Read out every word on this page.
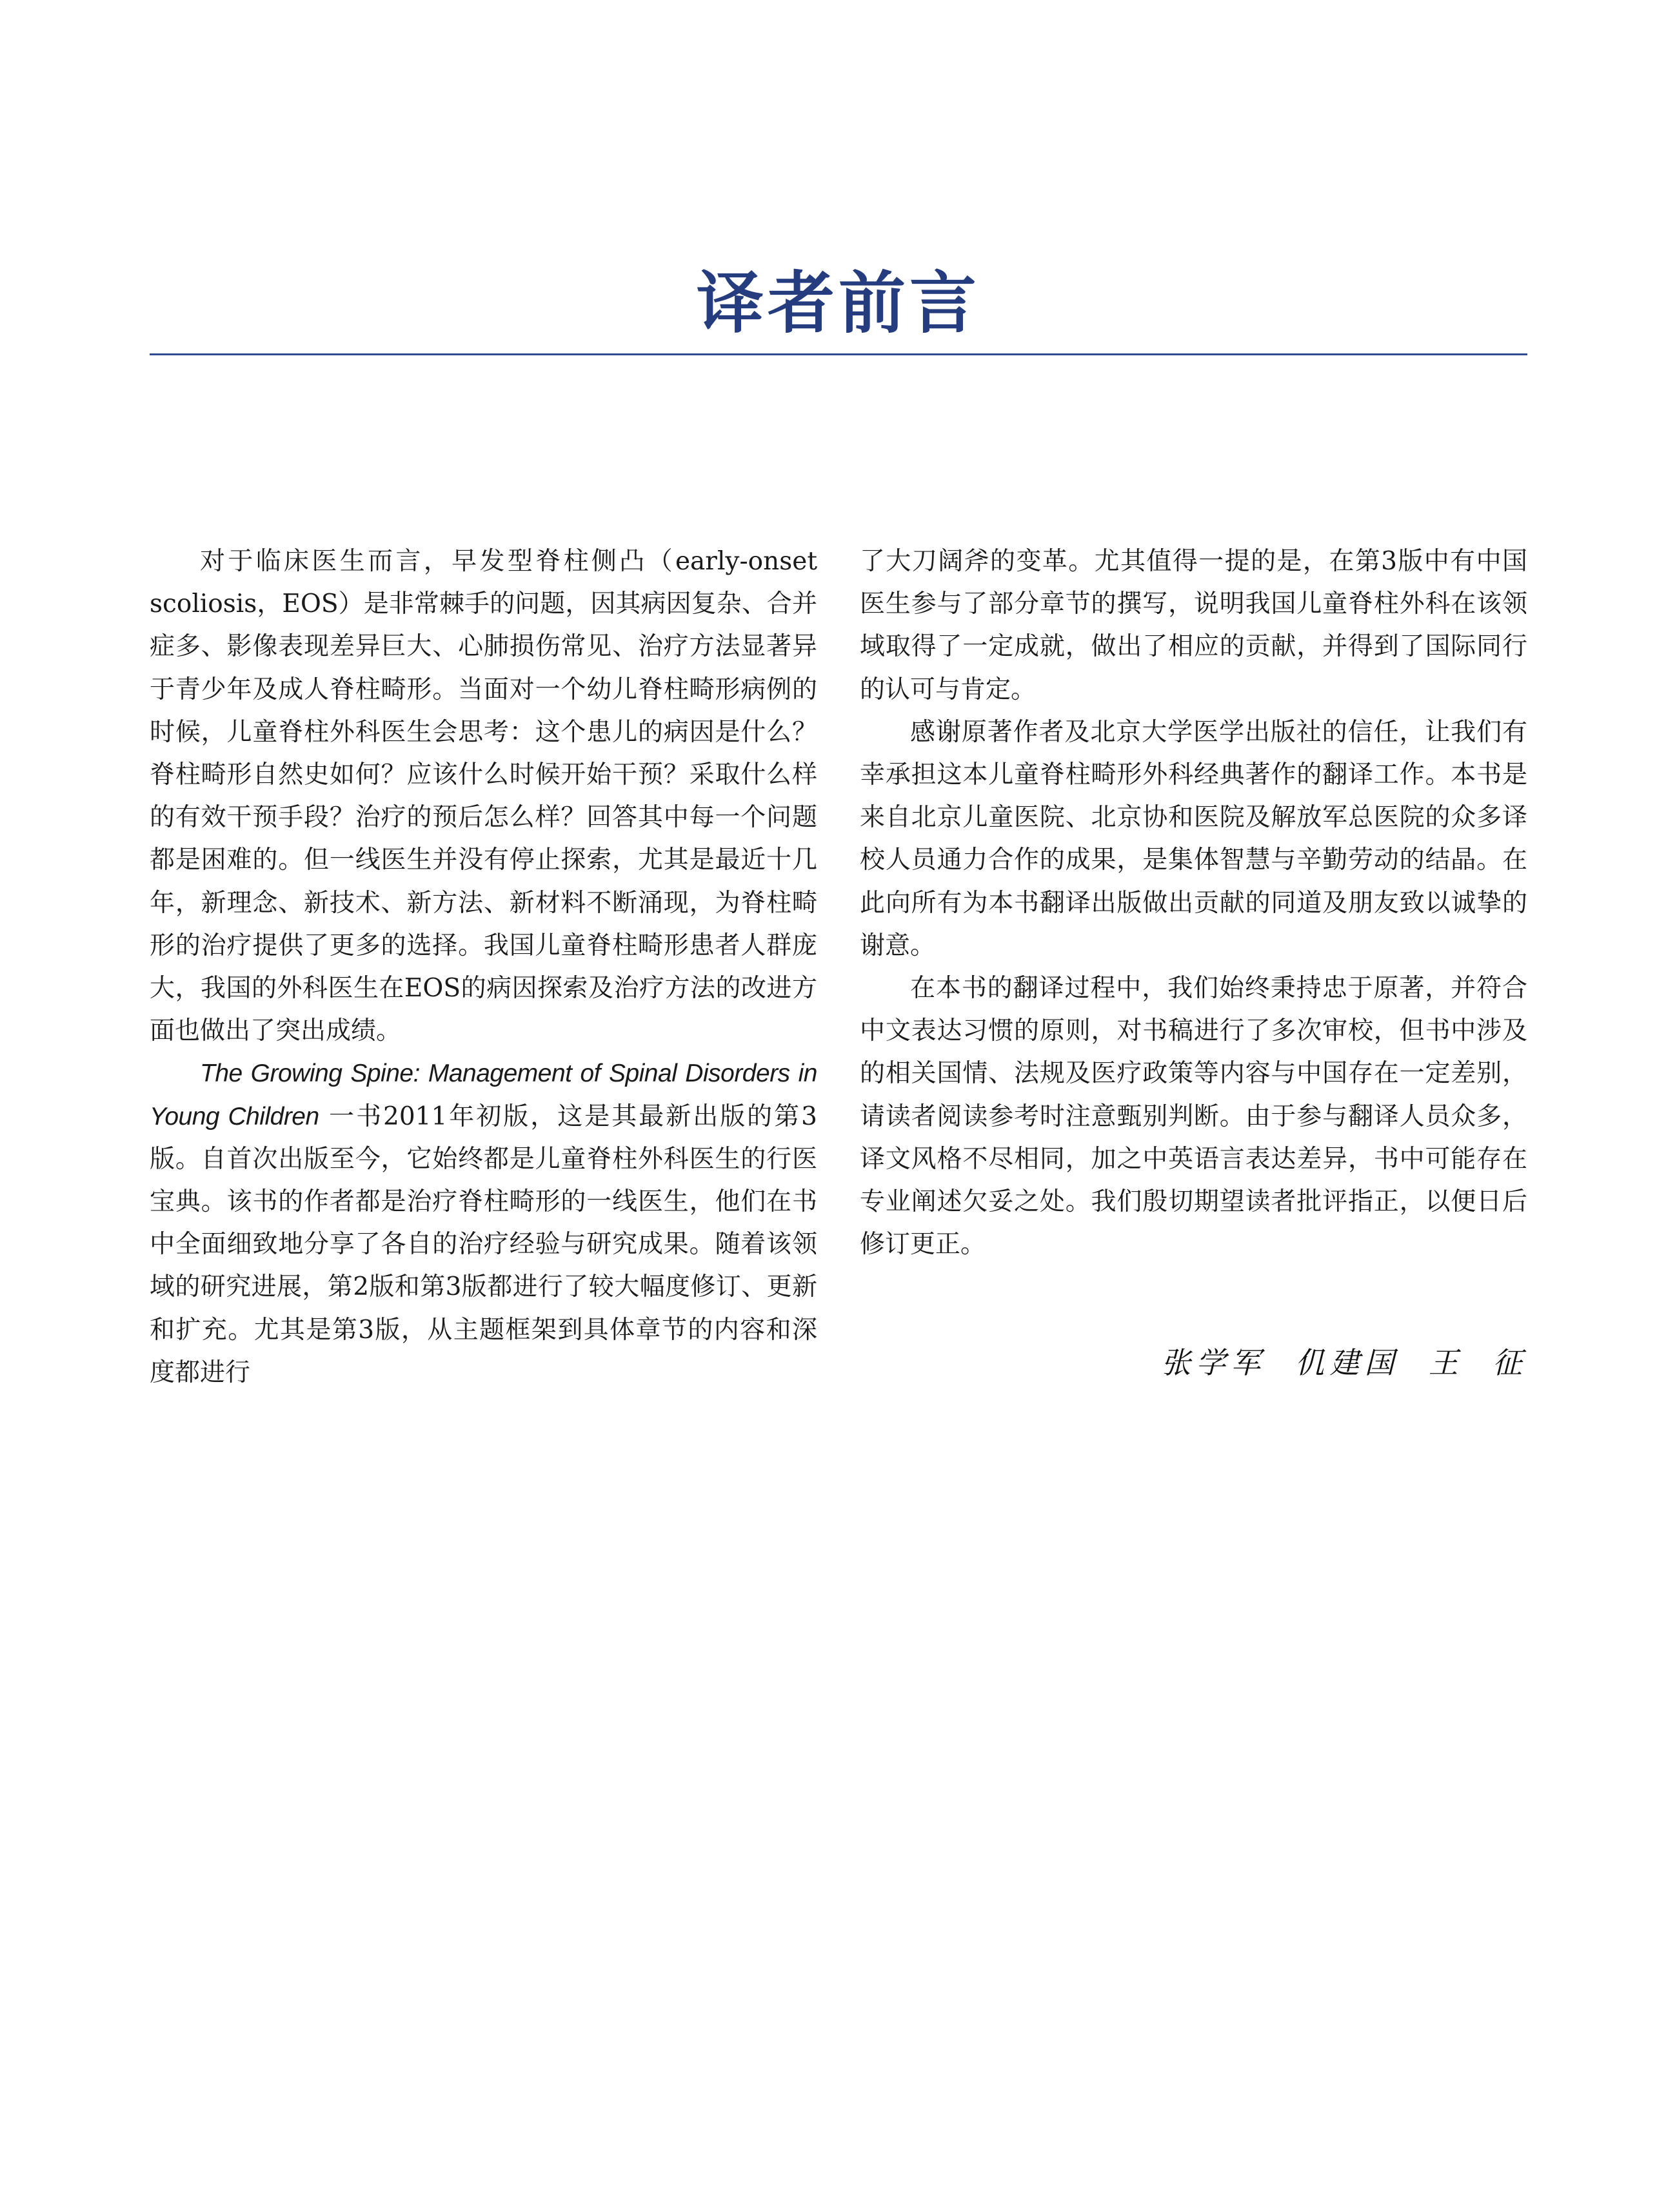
译者前言

对于临床医生而言，早发型脊柱侧凸（early-onset scoliosis，EOS）是非常棘手的问题，因其病因复杂、合并症多、影像表现差异巨大、心肺损伤常见、治疗方法显著异于青少年及成人脊柱畸形。当面对一个幼儿脊柱畸形病例的时候，儿童脊柱外科医生会思考：这个患儿的病因是什么？脊柱畸形自然史如何？应该什么时候开始干预？采取什么样的有效干预手段？治疗的预后怎么样？回答其中每一个问题都是困难的。但一线医生并没有停止探索，尤其是最近十几年，新理念、新技术、新方法、新材料不断涌现，为脊柱畸形的治疗提供了更多的选择。我国儿童脊柱畸形患者人群庞大，我国的外科医生在EOS的病因探索及治疗方法的改进方面也做出了突出成绩。

The Growing Spine: Management of Spinal Disorders in Young Children 一书2011年初版，这是其最新出版的第3版。自首次出版至今，它始终都是儿童脊柱外科医生的行医宝典。该书的作者都是治疗脊柱畸形的一线医生，他们在书中全面细致地分享了各自的治疗经验与研究成果。随着该领域的研究进展，第2版和第3版都进行了较大幅度修订、更新和扩充。尤其是第3版，从主题框架到具体章节的内容和深度都进行

了大刀阔斧的变革。尤其值得一提的是，在第3版中有中国医生参与了部分章节的撰写，说明我国儿童脊柱外科在该领域取得了一定成就，做出了相应的贡献，并得到了国际同行的认可与肯定。

感谢原著作者及北京大学医学出版社的信任，让我们有幸承担这本儿童脊柱畸形外科经典著作的翻译工作。本书是来自北京儿童医院、北京协和医院及解放军总医院的众多译校人员通力合作的成果，是集体智慧与辛勤劳动的结晶。在此向所有为本书翻译出版做出贡献的同道及朋友致以诚挚的谢意。

在本书的翻译过程中，我们始终秉持忠于原著，并符合中文表达习惯的原则，对书稿进行了多次审校，但书中涉及的相关国情、法规及医疗政策等内容与中国存在一定差别，请读者阅读参考时注意甄别判断。由于参与翻译人员众多，译文风格不尽相同，加之中英语言表达差异，书中可能存在专业阐述欠妥之处。我们殷切期望读者批评指正，以便日后修订更正。

张学军  仉建国  王  征
